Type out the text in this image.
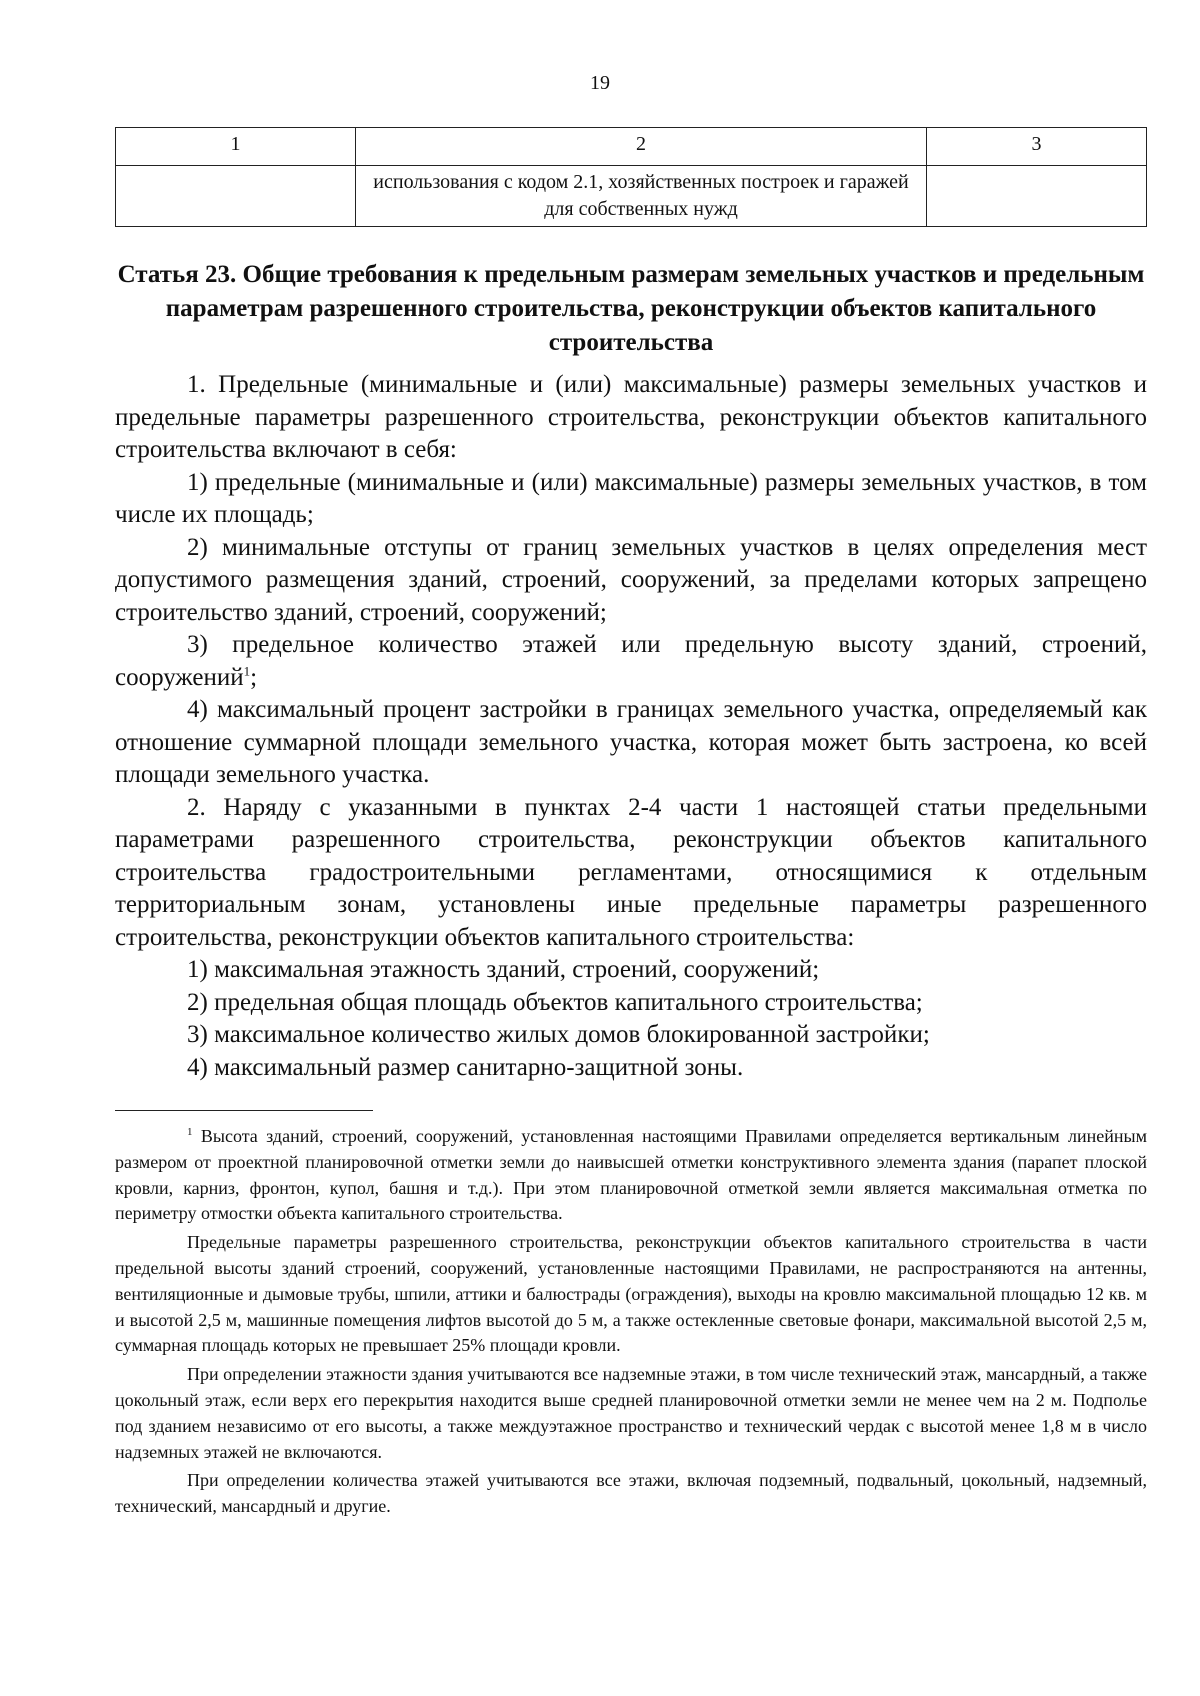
19
1	2	3
	использования с кодом 2.1, хозяйственных построек и гаражей для собственных нужд	
Статья 23. Общие требования к предельным размерам земельных участков и предельным параметрам разрешенного строительства, реконструкции объектов капитального строительства

1. Предельные (минимальные и (или) максимальные) размеры земельных участков и предельные параметры разрешенного строительства, реконструкции объектов капитального строительства включают в себя:

1) предельные (минимальные и (или) максимальные) размеры земельных участков, в том числе их площадь;

2) минимальные отступы от границ земельных участков в целях определения мест допустимого размещения зданий, строений, сооружений, за пределами которых запрещено строительство зданий, строений, сооружений;

3) предельное количество этажей или предельную высоту зданий, строений, сооружений$^1$;

4) максимальный процент застройки в границах земельного участка, определяемый как отношение суммарной площади земельного участка, которая может быть застроена, ко всей площади земельного участка.

2. Наряду с указанными в пунктах 2-4 части 1 настоящей статьи предельными параметрами разрешенного строительства, реконструкции объектов капитального строительства градостроительными регламентами, относящимися к отдельным территориальным зонам, установлены иные предельные параметры разрешенного строительства, реконструкции объектов капитального строительства:

1) максимальная этажность зданий, строений, сооружений;

2) предельная общая площадь объектов капитального строительства;

3) максимальное количество жилых домов блокированной застройки;

4) максимальный размер санитарно-защитной зоны.

$^1$ Высота зданий, строений, сооружений, установленная настоящими Правилами определяется вертикальным линейным размером от проектной планировочной отметки земли до наивысшей отметки конструктивного элемента здания (парапет плоской кровли, карниз, фронтон, купол, башня и т.д.). При этом планировочной отметкой земли является максимальная отметка по периметру отмостки объекта капитального строительства.

Предельные параметры разрешенного строительства, реконструкции объектов капитального строительства в части предельной высоты зданий строений, сооружений, установленные настоящими Правилами, не распространяются на антенны, вентиляционные и дымовые трубы, шпили, аттики и балюстрады (ограждения), выходы на кровлю максимальной площадью 12 кв. м и высотой 2,5 м, машинные помещения лифтов высотой до 5 м, а также остекленные световые фонари, максимальной высотой 2,5 м, суммарная площадь которых не превышает 25% площади кровли.

При определении этажности здания учитываются все надземные этажи, в том числе технический этаж, мансардный, а также цокольный этаж, если верх его перекрытия находится выше средней планировочной отметки земли не менее чем на 2 м. Подполье под зданием независимо от его высоты, а также междуэтажное пространство и технический чердак с высотой менее 1,8 м в число надземных этажей не включаются.

При определении количества этажей учитываются все этажи, включая подземный, подвальный, цокольный, надземный, технический, мансардный и другие.
